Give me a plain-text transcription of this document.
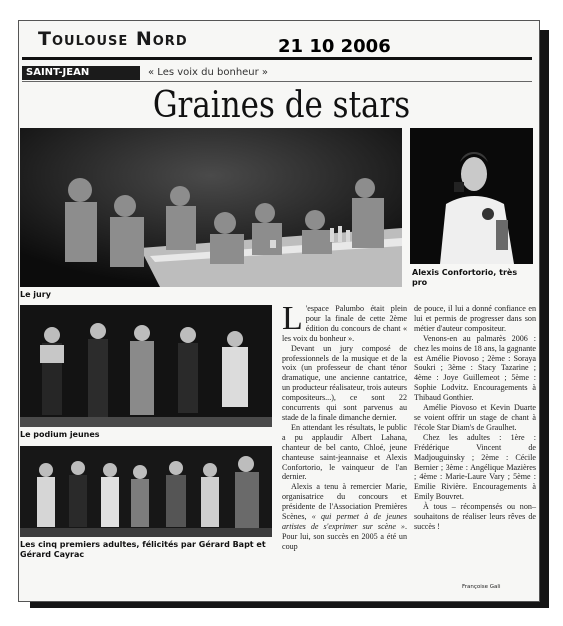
Toulouse Nord	21 10 2006
SAINT-JEAN	« Les voix du bonheur »
Graines de stars
Le jury
Alexis Confortorio, très pro
Le podium jeunes
Les cinq premiers adultes, félicités par Gérard Bapt et Gérard Cayrac

L 'espace Palumbo était plein pour la finale de cette 2ème édition du concours de chant « les voix du bonheur ».

Devant un jury composé de professionnels de la musique et de la voix (un professeur de chant ténor dramatique, une ancienne cantatrice, un producteur réalisateur, trois auteurs compositeurs...), ce sont 22 concurrents qui sont parvenus au stade de la finale dimanche dernier.

En attendant les résultats, le public a pu applaudir Albert Lahana, chanteur de bel canto, Chloé, jeune chanteuse saint-jeannaise et Alexis Confortorio, le vainqueur de l'an dernier.

Alexis a tenu à remercier Marie, organisatrice du concours et présidente de l'Association Premières Scènes, « qui permet à de jeunes artistes de s'exprimer sur scène ». Pour lui, son succès en 2005 a été un coup

de pouce, il lui a donné confiance en lui et permis de progresser dans son métier d'auteur compositeur.

Venons-en au palmarès 2006 : chez les moins de 18 ans, la gagnante est Amélie Piovoso ; 2ème : Soraya Soukri ; 3ème : Stacy Tazarine ; 4ème : Joye Guillemeot ; 5ème : Sophie Lodvitz. Encouragements à Thibaud Gonthier.

Amélie Piovoso et Kevin Duarte se voient offrir un stage de chant à l'école Star Diam's de Graulhet.

Chez les adultes : 1ère : Frédérique Vincent de Madjouguinsky ; 2ème : Cécile Bernier ; 3ème : Angélique Mazières ; 4ème : Marie-Laure Vary ; 5ème : Emilie Rivière. Encouragements à Emily Bouvret.

À tous – récompensés ou non– souhaitons de réaliser leurs rêves de succès !

Françoise Gali
